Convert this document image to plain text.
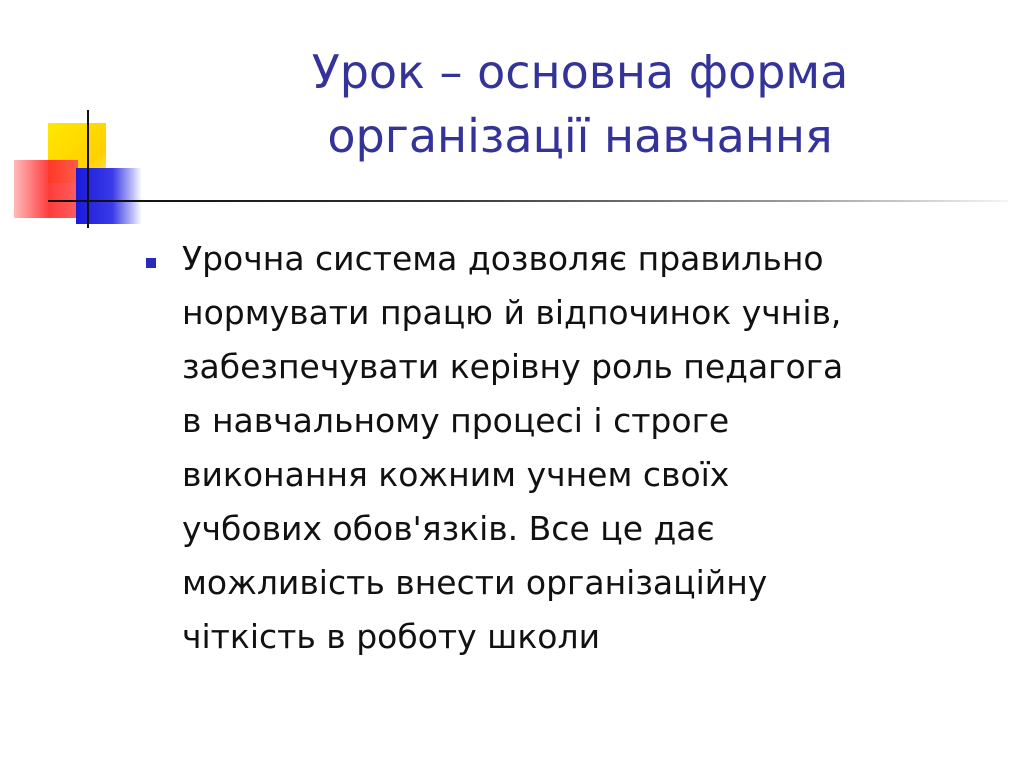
Урок – основна форма
організації навчання
Урочна система дозволяє правильно
нормувати працю й відпочинок учнів,
забезпечувати керівну роль педагога
в навчальному процесі і строге
виконання кожним учнем своїх
учбових обов'язків. Все це дає
можливість внести організаційну
чіткість в роботу школи
